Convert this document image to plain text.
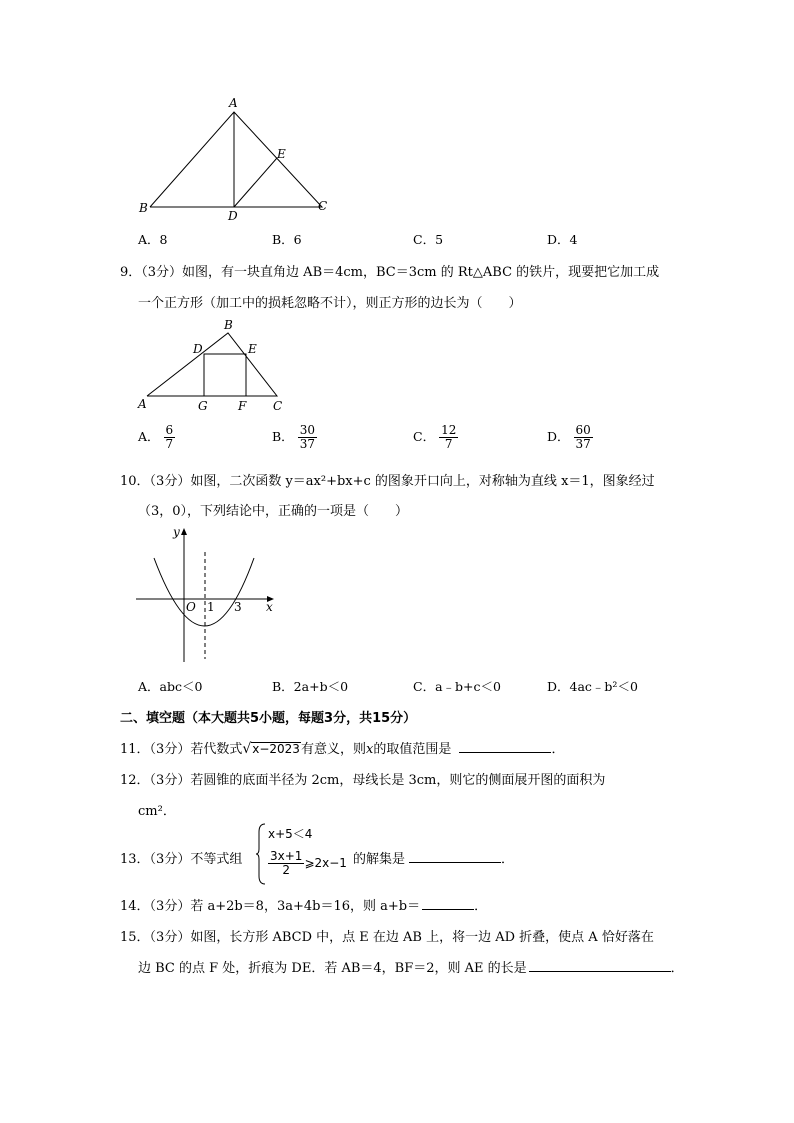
A
B	C
D
E
A．8	B．6	C．5	D．4
9．（3分）如图，有一块直角边 AB＝4cm，BC＝3cm 的 Rt△ABC 的铁片，现要把它加工成
一个正方形（加工中的损耗忽略不计），则正方形的边长为（　　）
B
D	E
A	G	F C
A． $\frac{6}{7}$	B． $\frac{30}{37}$	C． $\frac{12}{7}$	D． $\frac{60}{37}$
10．（3分）如图，二次函数 y＝ax²+bx+c 的图象开口向上，对称轴为直线 x＝1，图象经过
（3，0），下列结论中，正确的一项是（　　）
y
x
O 1 3
A．abc＜0	B．2a+b＜0	C．a﹣b+c＜0	D．4ac﹣b²＜0
二、填空题（本大题共5小题，每题3分，共15分）
11．（3分）若代数式√x−2023有意义，则x的取值范围是	．
12．（3分）若圆锥的底面半径为 2cm，母线长是 3cm，则它的侧面展开图的面积为
cm²．
13．（3分）不等式组
x+5＜4
$\frac{3x+1}{2}$ ⩾2x−1 的解集是	．
14．（3分）若 a+2b＝8，3a+4b＝16，则 a+b＝	．
15．（3分）如图，长方形 ABCD 中，点 E 在边 AB 上，将一边 AD 折叠，使点 A 恰好落在
边 BC 的点 F 处，折痕为 DE．若 AB＝4，BF＝2，则 AE 的长是	．
